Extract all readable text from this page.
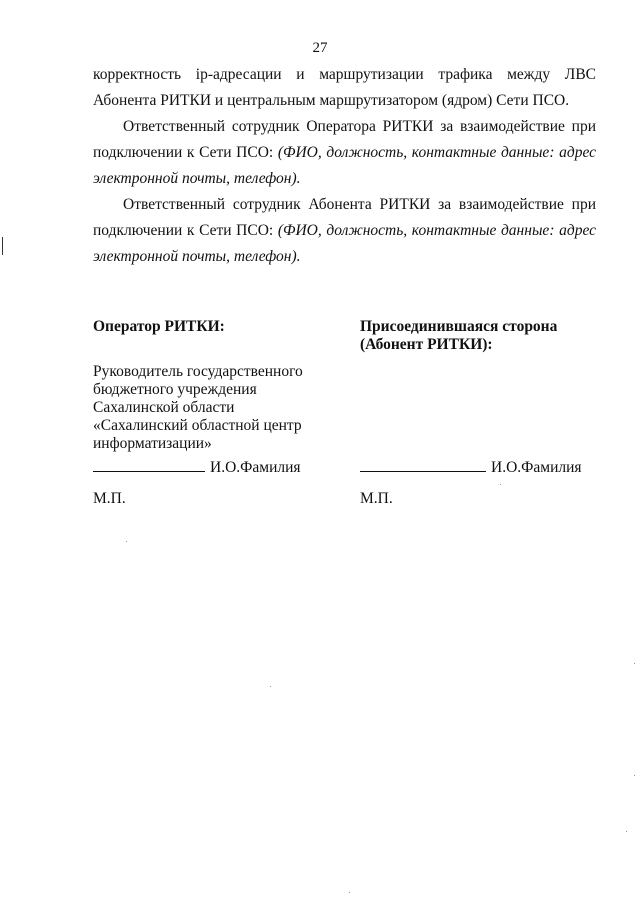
27

корректность ip-адресации и маршрутизации трафика между ЛВС Абонента РИТКИ и центральным маршрутизатором (ядром) Сети ПСО.

Ответственный сотрудник Оператора РИТКИ за взаимодействие при подключении к Сети ПСО: (ФИО, должность, контактные данные: адрес электронной почты, телефон).

Ответственный сотрудник Абонента РИТКИ за взаимодействие при подключении к Сети ПСО: (ФИО, должность, контактные данные: адрес электронной почты, телефон).

Оператор РИТКИ:

Руководитель государственного
бюджетного учреждения
Сахалинской области
«Сахалинский областной центр
информатизации»

Присоединившаяся сторона
(Абонент РИТКИ):

И.О.Фамилия	И.О.Фамилия
М.П.	М.П.
